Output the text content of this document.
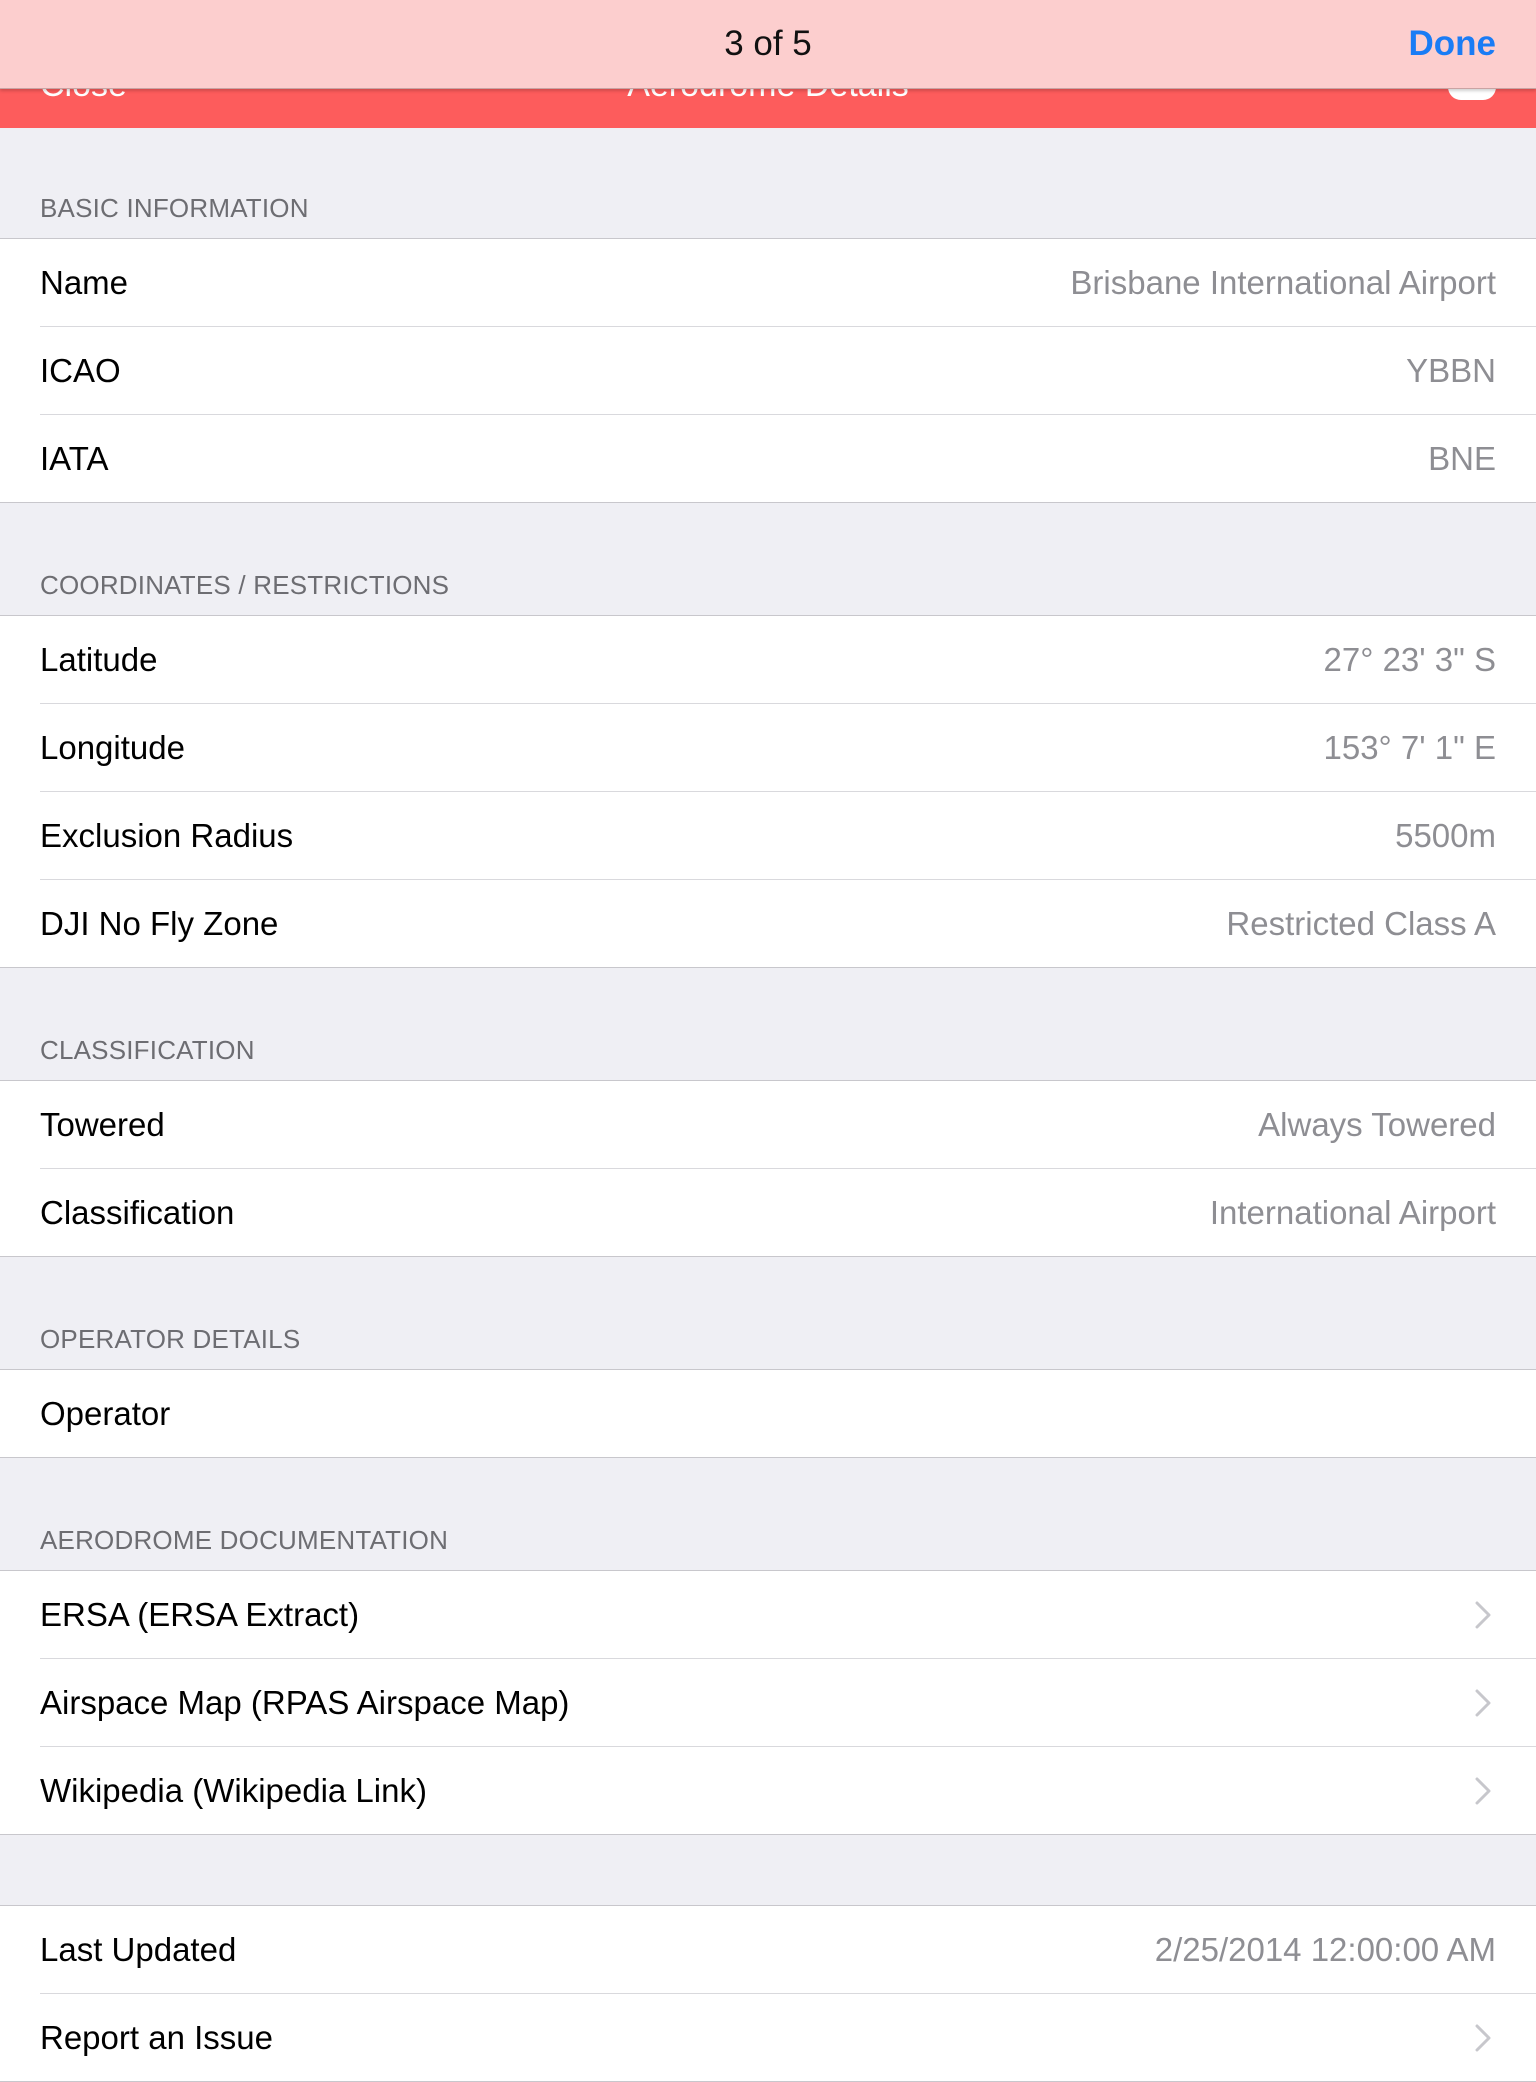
3 of 5	Done
BASIC INFORMATION
Name	Brisbane International Airport
ICAO	YBBN
IATA	BNE
COORDINATES / RESTRICTIONS
Latitude	27° 23' 3" S
Longitude	153° 7' 1" E
Exclusion Radius	5500m
DJI No Fly Zone	Restricted Class A
CLASSIFICATION
Towered	Always Towered
Classification	International Airport
OPERATOR DETAILS
Operator
AERODROME DOCUMENTATION
ERSA (ERSA Extract)
Airspace Map (RPAS Airspace Map)
Wikipedia (Wikipedia Link)
Last Updated	2/25/2014 12:00:00 AM
Report an Issue
